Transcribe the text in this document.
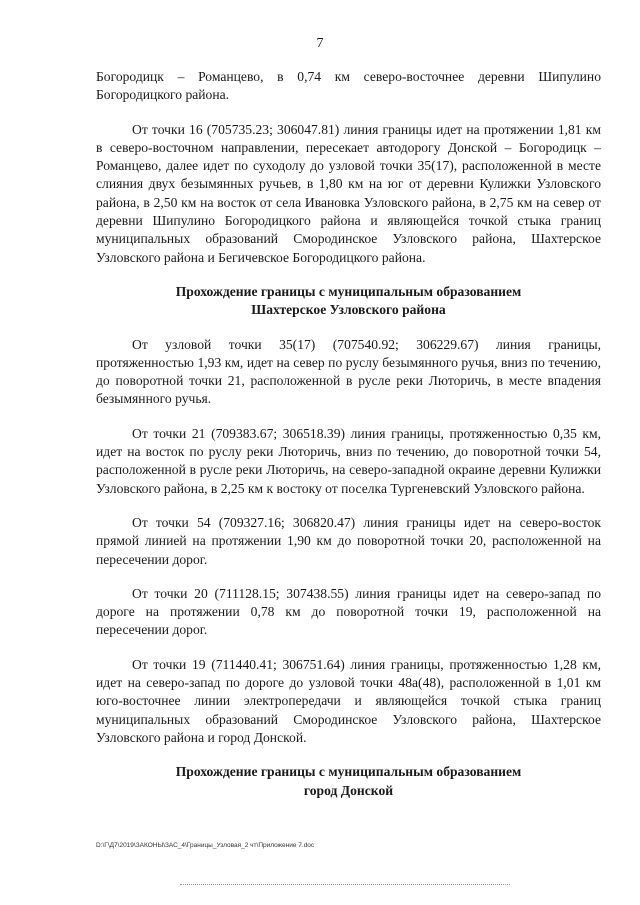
7

Богородицк – Романцево, в 0,74 км северо-восточнее деревни Шипулино Богородицкого района.

От точки 16 (705735.23; 306047.81) линия границы идет на протяжении 1,81 км в северо-восточном направлении, пересекает автодорогу Донской – Богородицк – Романцево, далее идет по суходолу до узловой точки 35(17), расположенной в месте слияния двух безымянных ручьев, в 1,80 км на юг от деревни Кулижки Узловского района, в 2,50 км на восток от села Ивановка Узловского района, в 2,75 км на север от деревни Шипулино Богородицкого района и являющейся точкой стыка границ муниципальных образований Смородинское Узловского района, Шахтерское Узловского района и Бегичевское Богородицкого района.

Прохождение границы с муниципальным образованием
Шахтерское Узловского района

От узловой точки 35(17) (707540.92; 306229.67) линия границы, протяженностью 1,93 км, идет на север по руслу безымянного ручья, вниз по течению, до поворотной точки 21, расположенной в русле реки Люторичь, в месте впадения безымянного ручья.

От точки 21 (709383.67; 306518.39) линия границы, протяженностью 0,35 км, идет на восток по руслу реки Люторичь, вниз по течению, до поворотной точки 54, расположенной в русле реки Люторичь, на северо-западной окраине деревни Кулижки Узловского района, в 2,25 км к востоку от поселка Тургеневский Узловского района.

От точки 54 (709327.16; 306820.47) линия границы идет на северо-восток прямой линией на протяжении 1,90 км до поворотной точки 20, расположенной на пересечении дорог.

От точки 20 (711128.15; 307438.55) линия границы идет на северо-запад по дороге на протяжении 0,78 км до поворотной точки 19, расположенной на пересечении дорог.

От точки 19 (711440.41; 306751.64) линия границы, протяженностью 1,28 км, идет на северо-запад по дороге до узловой точки 48а(48), расположенной в 1,01 км юго-восточнее линии электропередачи и являющейся точкой стыка границ муниципальных образований Смородинское Узловского района, Шахтерское Узловского района и город Донской.

Прохождение границы с муниципальным образованием
город Донской
D:\Г\Д7\2019\ЗАКОНЫ\ЗАС_4\Границы_Узловая_2 чт\Приложение 7.doc
